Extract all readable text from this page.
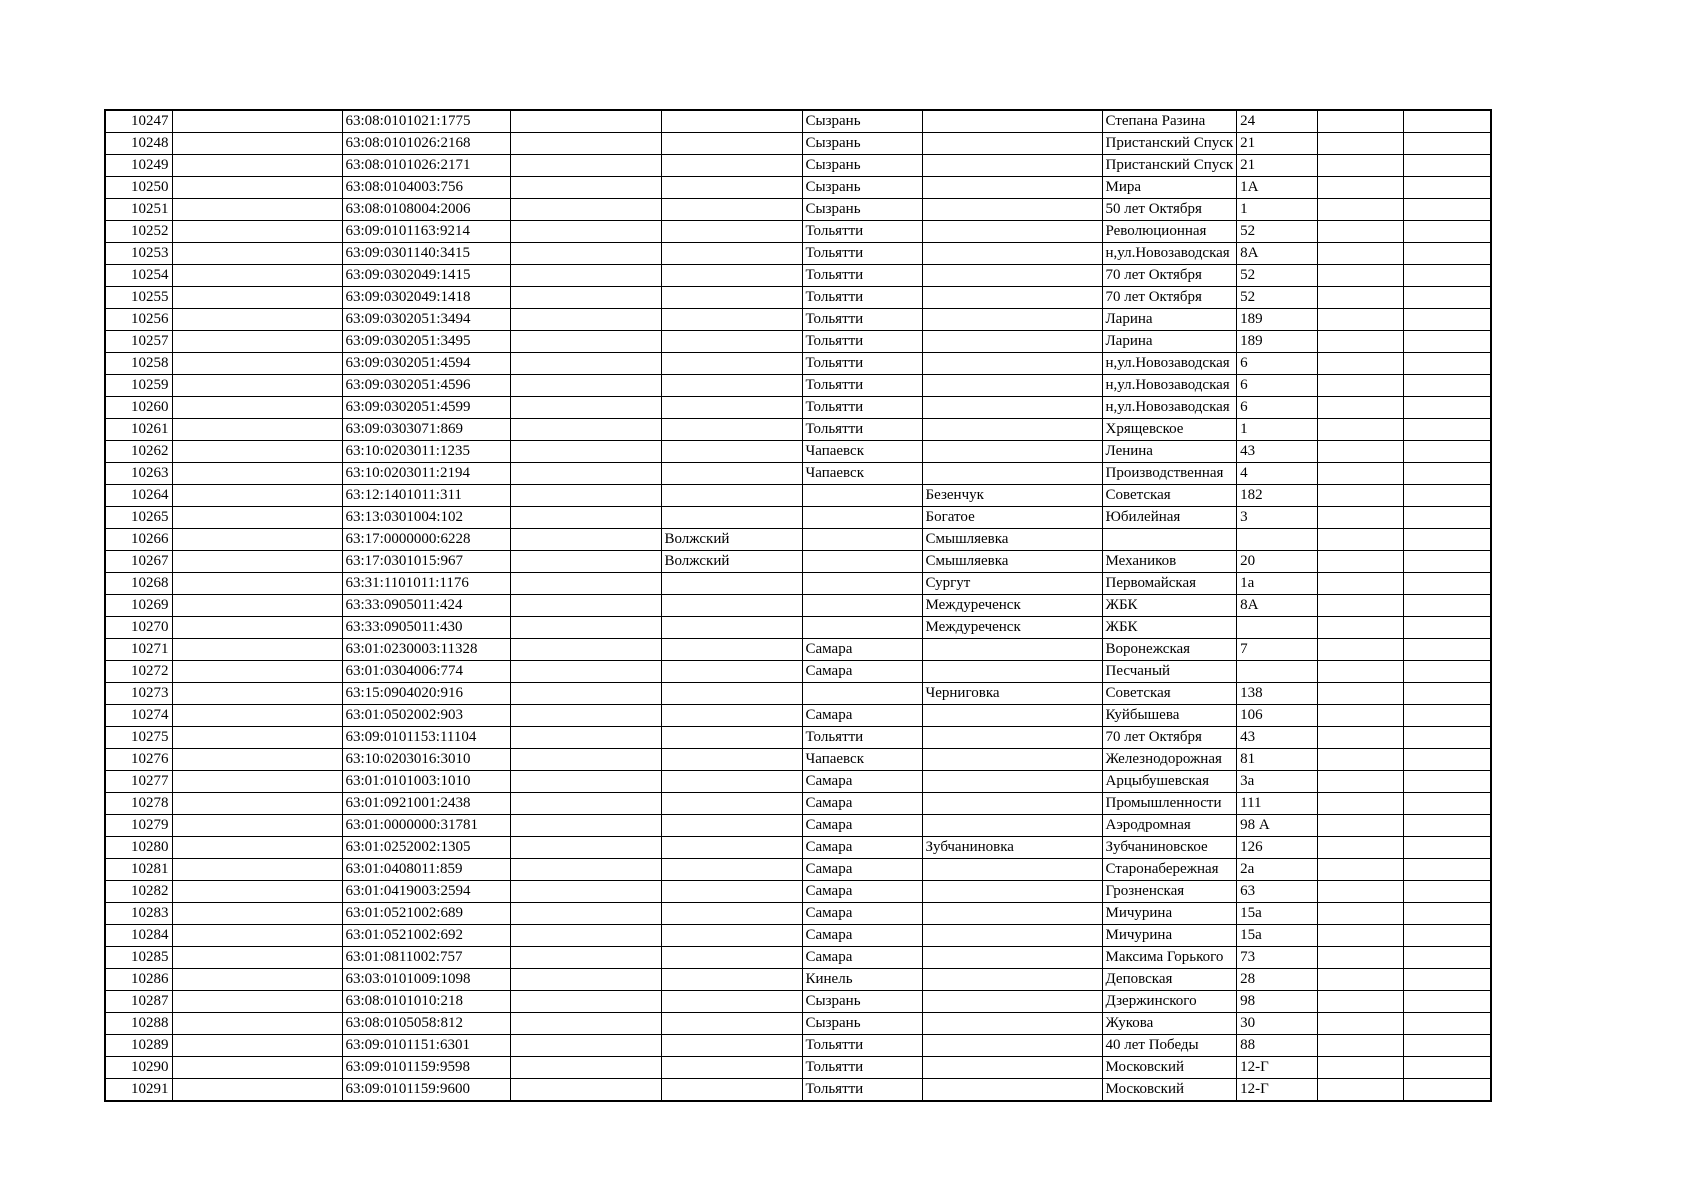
10247		63:08:0101021:1775			Сызрань		Степана Разина	24		
10248		63:08:0101026:2168			Сызрань		Пристанский Спуск	21		
10249		63:08:0101026:2171			Сызрань		Пристанский Спуск	21		
10250		63:08:0104003:756			Сызрань		Мира	1А		
10251		63:08:0108004:2006			Сызрань		50 лет Октября	1		
10252		63:09:0101163:9214			Тольятти		Революционная	52		
10253		63:09:0301140:3415			Тольятти		н,ул.Новозаводская	8А		
10254		63:09:0302049:1415			Тольятти		70 лет Октября	52		
10255		63:09:0302049:1418			Тольятти		70 лет Октября	52		
10256		63:09:0302051:3494			Тольятти		Ларина	189		
10257		63:09:0302051:3495			Тольятти		Ларина	189		
10258		63:09:0302051:4594			Тольятти		н,ул.Новозаводская	6		
10259		63:09:0302051:4596			Тольятти		н,ул.Новозаводская	6		
10260		63:09:0302051:4599			Тольятти		н,ул.Новозаводская	6		
10261		63:09:0303071:869			Тольятти		Хрящевское	1		
10262		63:10:0203011:1235			Чапаевск		Ленина	43		
10263		63:10:0203011:2194			Чапаевск		Производственная	4		
10264		63:12:1401011:311				Безенчук	Советская	182		
10265		63:13:0301004:102				Богатое	Юбилейная	3		
10266		63:17:0000000:6228		Волжский		Смышляевка				
10267		63:17:0301015:967		Волжский		Смышляевка	Механиков	20		
10268		63:31:1101011:1176				Сургут	Первомайская	1а		
10269		63:33:0905011:424				Междуреченск	ЖБК	8А		
10270		63:33:0905011:430				Междуреченск	ЖБК			
10271		63:01:0230003:11328			Самара		Воронежская	7		
10272		63:01:0304006:774			Самара		Песчаный			
10273		63:15:0904020:916				Черниговка	Советская	138		
10274		63:01:0502002:903			Самара		Куйбышева	106		
10275		63:09:0101153:11104			Тольятти		70 лет Октября	43		
10276		63:10:0203016:3010			Чапаевск		Железнодорожная	81		
10277		63:01:0101003:1010			Самара		Арцыбушевская	3а		
10278		63:01:0921001:2438			Самара		Промышленности	111		
10279		63:01:0000000:31781			Самара		Аэродромная	98 А		
10280		63:01:0252002:1305			Самара	Зубчаниновка	Зубчаниновское	126		
10281		63:01:0408011:859			Самара		Старонабережная	2а		
10282		63:01:0419003:2594			Самара		Грозненская	63		
10283		63:01:0521002:689			Самара		Мичурина	15а		
10284		63:01:0521002:692			Самара		Мичурина	15а		
10285		63:01:0811002:757			Самара		Максима Горького	73		
10286		63:03:0101009:1098			Кинель		Деповская	28		
10287		63:08:0101010:218			Сызрань		Дзержинского	98		
10288		63:08:0105058:812			Сызрань		Жукова	30		
10289		63:09:0101151:6301			Тольятти		40 лет Победы	88		
10290		63:09:0101159:9598			Тольятти		Московский	12-Г		
10291		63:09:0101159:9600			Тольятти		Московский	12-Г		
